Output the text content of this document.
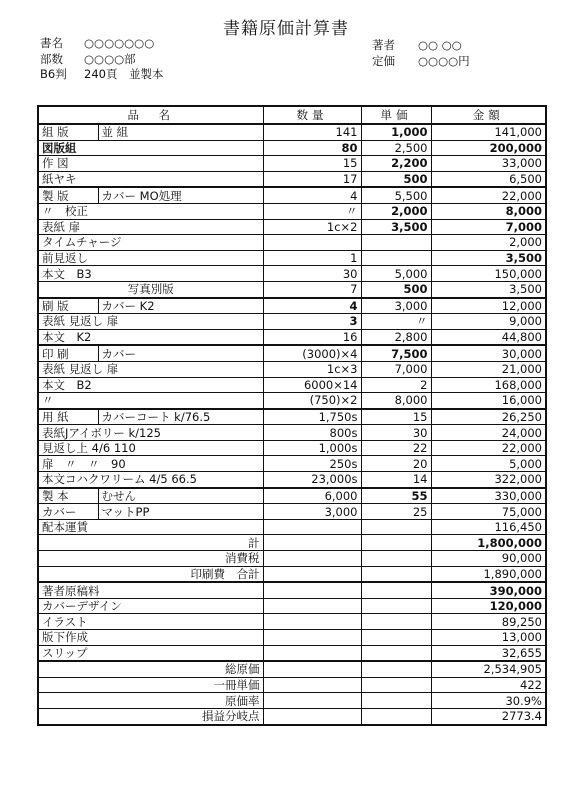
書籍原価計算書
書名 ○○○○○○○
部数 ○○○○部
B6判 240頁　並製本
著者 ○○ ○○
定価 ○○○○円
品　名		数量	単価	金額
組 版	並 組	141	1,000	141,000
図版組		80	2,500	200,000
作 図		15	2,200	33,000
紙ヤキ		17	500	6,500
製 版	カバー MO処理	4	5,500	22,000
〃　校正		〃	2,000	8,000
表紙 扉		1c×2	3,500	7,000
タイムチャージ				2,000
前見返し		1		3,500
本文　B3		30	5,000	150,000
写真別版		7	500	3,500
刷 版	カバー K2	4	3,000	12,000
表紙 見返し 扉		3	〃	9,000
本文　K2		16	2,800	44,800
印 刷	カバー	(3000)×4	7,500	30,000
表紙 見返し 扉		1c×3	7,000	21,000
本文　B2		6000×14	2	168,000
〃		(750)×2	8,000	16,000
用 紙	カバーコート k/76.5	1,750s	15	26,250
表紙Jアイボリー k/125		800s	30	24,000
見返し上 4/6 110		1,000s	22	22,000
扉　〃　〃　90		250s	20	5,000
本文コハクワリーム 4/5 66.5		23,000s	14	322,000
製 本	むせん	6,000	55	330,000
カバー	マットPP	3,000	25	75,000
配本運賃				116,450
計				1,800,000
消費税				90,000
印刷費　合計				1,890,000
著者原稿料				390,000
カバーデザイン				120,000
イラスト				89,250
版下作成				13,000
スリップ				32,655
総原価				2,534,905
一冊単価				422
原価率				30.9%
損益分岐点				2773.4
